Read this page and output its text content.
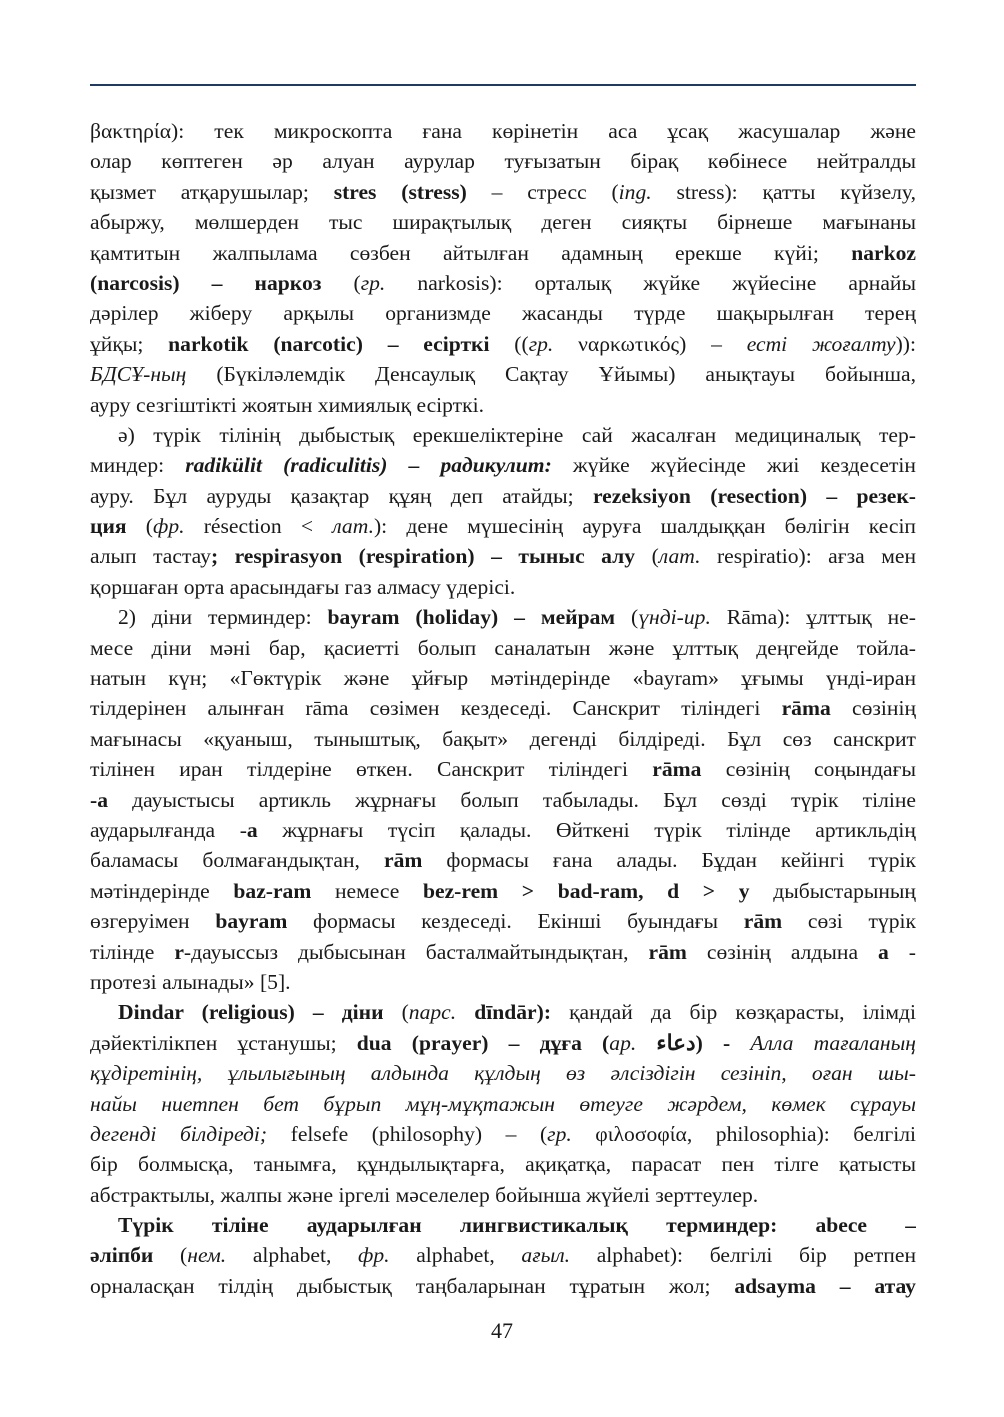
βακτηρία): тек микроскопта ғана көрінетін аса ұсақ жасушалар және
олар көптеген әр алуан аурулар туғызатын бірақ көбінесе нейтралды
қызмет атқарушылар; stres (stress) – стресс (ing. stress): қатты күйзелу,
абыржу, мөлшерден тыс ширақтылық деген сияқты бірнеше мағынаны
қамтитын жалпылама сөзбен айтылған адамның ерекше күйі; narkoz
(narcosis) – наркоз (гр. narkosis): орталық жүйке жүйесіне арнайы
дәрілер жіберу арқылы организмде жасанды түрде шақырылған терең
ұйқы; narkotik (narcotic) – есірткі ((гр. ναρκωτικός) – есті жоғалту)):
БДСҰ-ның (Бүкіләлемдік Денсаулық Сақтау Ұйымы) анықтауы бойынша,
ауру сезгіштікті жоятын химиялық есірткі.
ә) түрік тілінің дыбыстық ерекшеліктеріне сай жасалған медициналық тер-
миндер: radikülit (radiculitis) – радикулит: жүйке жүйесінде жиі кездесетін
ауру. Бұл ауруды қазақтар құяң деп атайды; rezeksiyon (resection) – резек-
ция (фр. résection < лат.): дене мүшесінің ауруға шалдыққан бөлігін кесіп
алып тастау; respirasyon (respiration) – тыныс алу (лат. respiratio): ағза мен
қоршаған орта арасындағы газ алмасу үдерісі.
2) діни терминдер: bayram (holiday) – мейрам (үнді-ир. Rāma): ұлттық не-
месе діни мәні бар, қасиетті болып саналатын және ұлттық деңгейде тойла-
натын күн; «Гөктүрік және ұйғыр мәтіндерінде «bayram» ұғымы үнді-иран
тілдерінен алынған rāma сөзімен кездеседі. Санскрит тіліндегі rāma сөзінің
мағынасы «қуаныш, тыныштық, бақыт» дегенді білдіреді. Бұл сөз санскрит
тілінен иран тілдеріне өткен. Санскрит тіліндегі rāma сөзінің соңындағы
-a дауыстысы артикль жұрнағы болып табылады. Бұл сөзді түрік тіліне
аударылғанда -a жұрнағы түсіп қалады. Өйткені түрік тілінде артикльдің
баламасы болмағандықтан, rām формасы ғана алады. Бұдан кейінгі түрік
мәтіндерінде baz-ram немесе bez-rem > bad-ram, d > y дыбыстарының
өзгеруімен bayram формасы кездеседі. Екінші буындағы rām сөзі түрік
тілінде r-дауыссыз дыбысынан басталмайтындықтан, rām сөзінің алдына a -
протезі алынады» [5].
Dindar (religious) – діни (парс. dīndār): қандай да бір көзқарасты, ілімді
дәйектілікпен ұстанушы; dua (prayer) – дұға (ар. دعاء) - Алла тағаланың
құдіретінің, ұлылығының алдында құлдың өз әлсіздігін сезініп, оған шы-
найы ниетпен бет бұрып мұң-мұқтажын өтеуге жәрдем, көмек сұрауы
дегенді білдіреді; felsefe (philosophy) – (гр. φιλοσοφία, philosophia): белгілі
бір болмысқа, танымға, құндылықтарға, ақиқатқа, парасат пен тілге қатысты
абстрактылы, жалпы және іргелі мәселелер бойынша жүйелі зерттеулер.
Түрік тіліне аударылған лингвистикалық терминдер: abece –
әліпби (нем. alphabet, фр. alphabet, ағыл. alphabet): белгілі бір ретпен
орналасқан тілдің дыбыстық таңбаларынан тұратын жол; adsayma – атау
47
